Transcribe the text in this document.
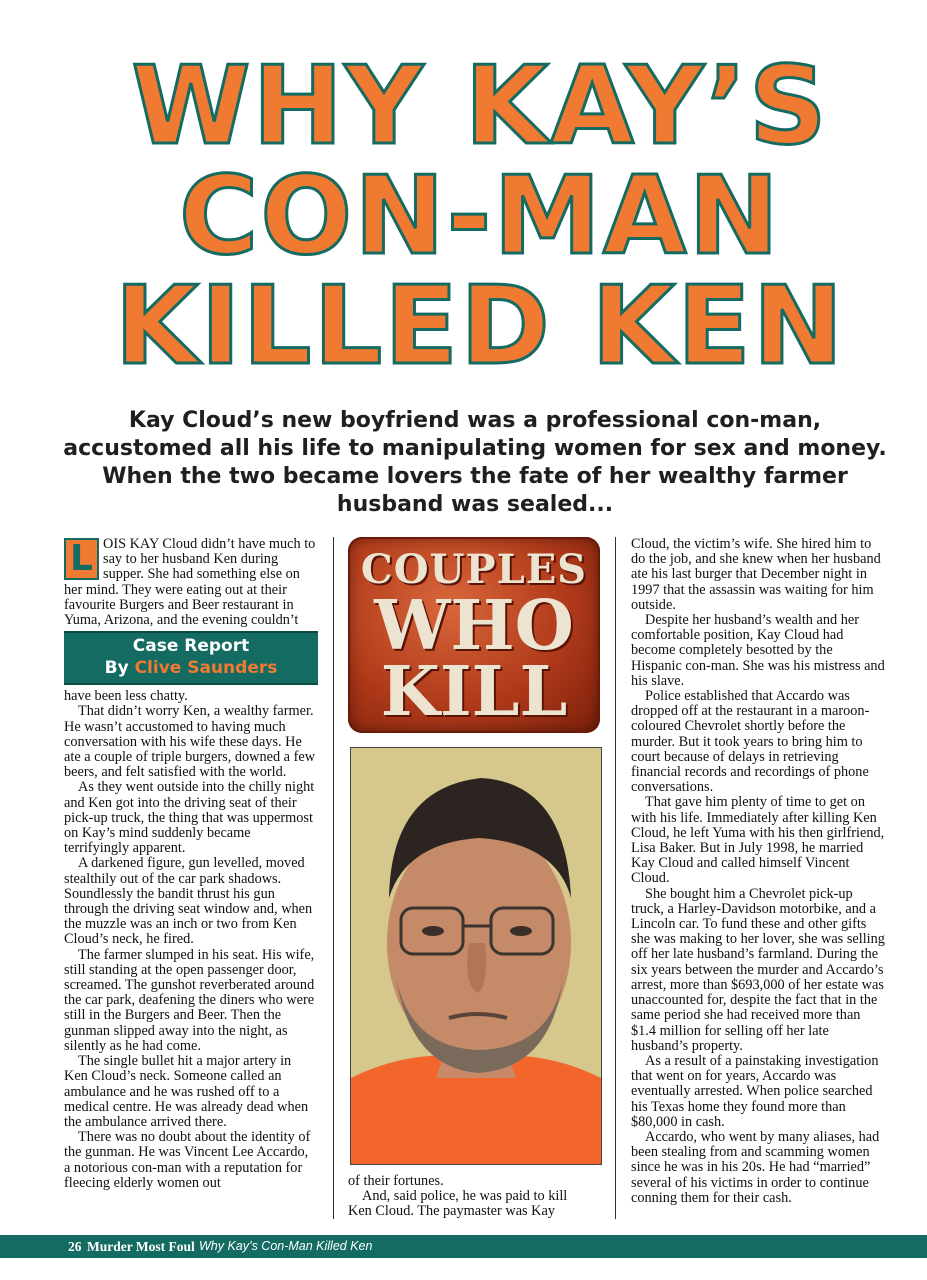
WHY KAY’S
CON-MAN
KILLED KEN

Kay Cloud’s new boyfriend was a professional con-man, accustomed all his life to manipulating women for sex and money. When the two became lovers the fate of her wealthy farmer husband was sealed...

L OIS KAY Cloud didn’t have much to say to her husband Ken during supper. She had something else on her mind. They were eating out at their favourite Burgers and Beer restaurant in Yuma, Arizona, and the evening couldn’t

Case Report
By Clive Saunders

have been less chatty.

That didn’t worry Ken, a wealthy farmer. He wasn’t accustomed to having much conversation with his wife these days. He ate a couple of triple burgers, downed a few beers, and felt satisfied with the world.

As they went outside into the chilly night and Ken got into the driving seat of their pick-up truck, the thing that was uppermost on Kay’s mind suddenly became terrifyingly apparent.

A darkened figure, gun levelled, moved stealthily out of the car park shadows. Soundlessly the bandit thrust his gun through the driving seat window and, when the muzzle was an inch or two from Ken Cloud’s neck, he fired.

The farmer slumped in his seat. His wife, still standing at the open passenger door, screamed. The gunshot reverberated around the car park, deafening the diners who were still in the Burgers and Beer. Then the gunman slipped away into the night, as silently as he had come.

The single bullet hit a major artery in Ken Cloud’s neck. Someone called an ambulance and he was rushed off to a medical centre. He was already dead when the ambulance arrived there.

There was no doubt about the identity of the gunman. He was Vincent Lee Accardo, a notorious con-man with a reputation for fleecing elderly women out

COUPLES
WHO
KILL

of their fortunes.

And, said police, he was paid to kill Ken Cloud. The paymaster was Kay

Cloud, the victim’s wife. She hired him to do the job, and she knew when her husband ate his last burger that December night in 1997 that the assassin was waiting for him outside.

Despite her husband’s wealth and her comfortable position, Kay Cloud had become completely besotted by the Hispanic con-man. She was his mistress and his slave.

Police established that Accardo was dropped off at the restaurant in a maroon-coloured Chevrolet shortly before the murder. But it took years to bring him to court because of delays in retrieving financial records and recordings of phone conversations.

That gave him plenty of time to get on with his life. Immediately after killing Ken Cloud, he left Yuma with his then girlfriend, Lisa Baker. But in July 1998, he married Kay Cloud and called himself Vincent Cloud.

She bought him a Chevrolet pick-up truck, a Harley-Davidson motorbike, and a Lincoln car. To fund these and other gifts she was making to her lover, she was selling off her late husband’s farmland. During the six years between the murder and Accardo’s arrest, more than $693,000 of her estate was unaccounted for, despite the fact that in the same period she had received more than $1.4 million for selling off her late husband’s property.

As a result of a painstaking investigation that went on for years, Accardo was eventually arrested. When police searched his Texas home they found more than $80,000 in cash.

Accardo, who went by many aliases, had been stealing from and scamming women since he was in his 20s. He had “married” several of his victims in order to continue conning them for their cash.

26 Murder Most Foul Why Kay’s Con-Man Killed Ken
